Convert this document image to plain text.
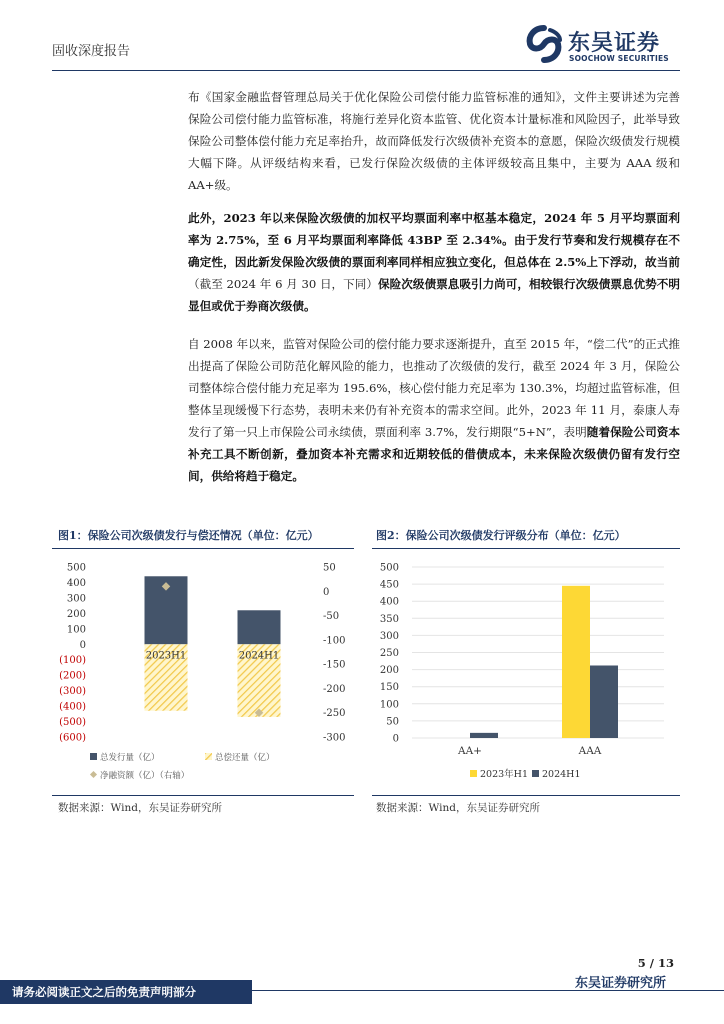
固收深度报告	东吴证券
SOOCHOW SECURITIES
布《国家金融监督管理总局关于优化保险公司偿付能力监管标准的通知》，文件主要讲述为完善保险公司偿付能力监管标准，将施行差异化资本监管、优化资本计量标准和风险因子，此举导致保险公司整体偿付能力充足率抬升，故而降低发行次级债补充资本的意愿，保险次级债发行规模大幅下降。从评级结构来看，已发行保险次级债的主体评级较高且集中，主要为 AAA 级和 AA+级。
此外，2023 年以来保险次级债的加权平均票面利率中枢基本稳定，2024 年 5 月平均票面利率为 2.75%，至 6 月平均票面利率降低 43BP 至 2.34%。由于发行节奏和发行规模存在不确定性，因此新发保险次级债的票面利率同样相应独立变化，但总体在 2.5%上下浮动，故当前（截至 2024 年 6 月 30 日，下同）保险次级债票息吸引力尚可，相较银行次级债票息优势不明显但或优于券商次级债。
自 2008 年以来，监管对保险公司的偿付能力要求逐渐提升，直至 2015 年，“偿二代”的正式推出提高了保险公司防范化解风险的能力，也推动了次级债的发行，截至 2024 年 3 月，保险公司整体综合偿付能力充足率为 195.6%，核心偿付能力充足率为 130.3%，均超过监管标准，但整体呈现缓慢下行态势，表明未来仍有补充资本的需求空间。此外，2023 年 11 月，泰康人寿发行了第一只上市保险公司永续债，票面利率 3.7%，发行期限“5+N”，表明随着保险公司资本补充工具不断创新，叠加资本补充需求和近期较低的借债成本，未来保险次级债仍留有发行空间，供给将趋于稳定。
图1：保险公司次级债发行与偿还情况（单位：亿元）	图2：保险公司次级债发行评级分布（单位：亿元）
500
400
300
200
100
0
(100)
(200)
(300)
(400)
(500)
(600)
50
0
-50
-100
-150
-200
-250
-300
2023H1	2024H1
总发行量（亿）	总偿还量（亿）
净融资额（亿）（右轴）
500
450
400
350
300
250
200
150
100
50
0
AA+	AAA
2023年H1 2024H1
数据来源：Wind，东吴证券研究所	数据来源：Wind，东吴证券研究所
5 / 13
请务必阅读正文之后的免责声明部分
东吴证券研究所
